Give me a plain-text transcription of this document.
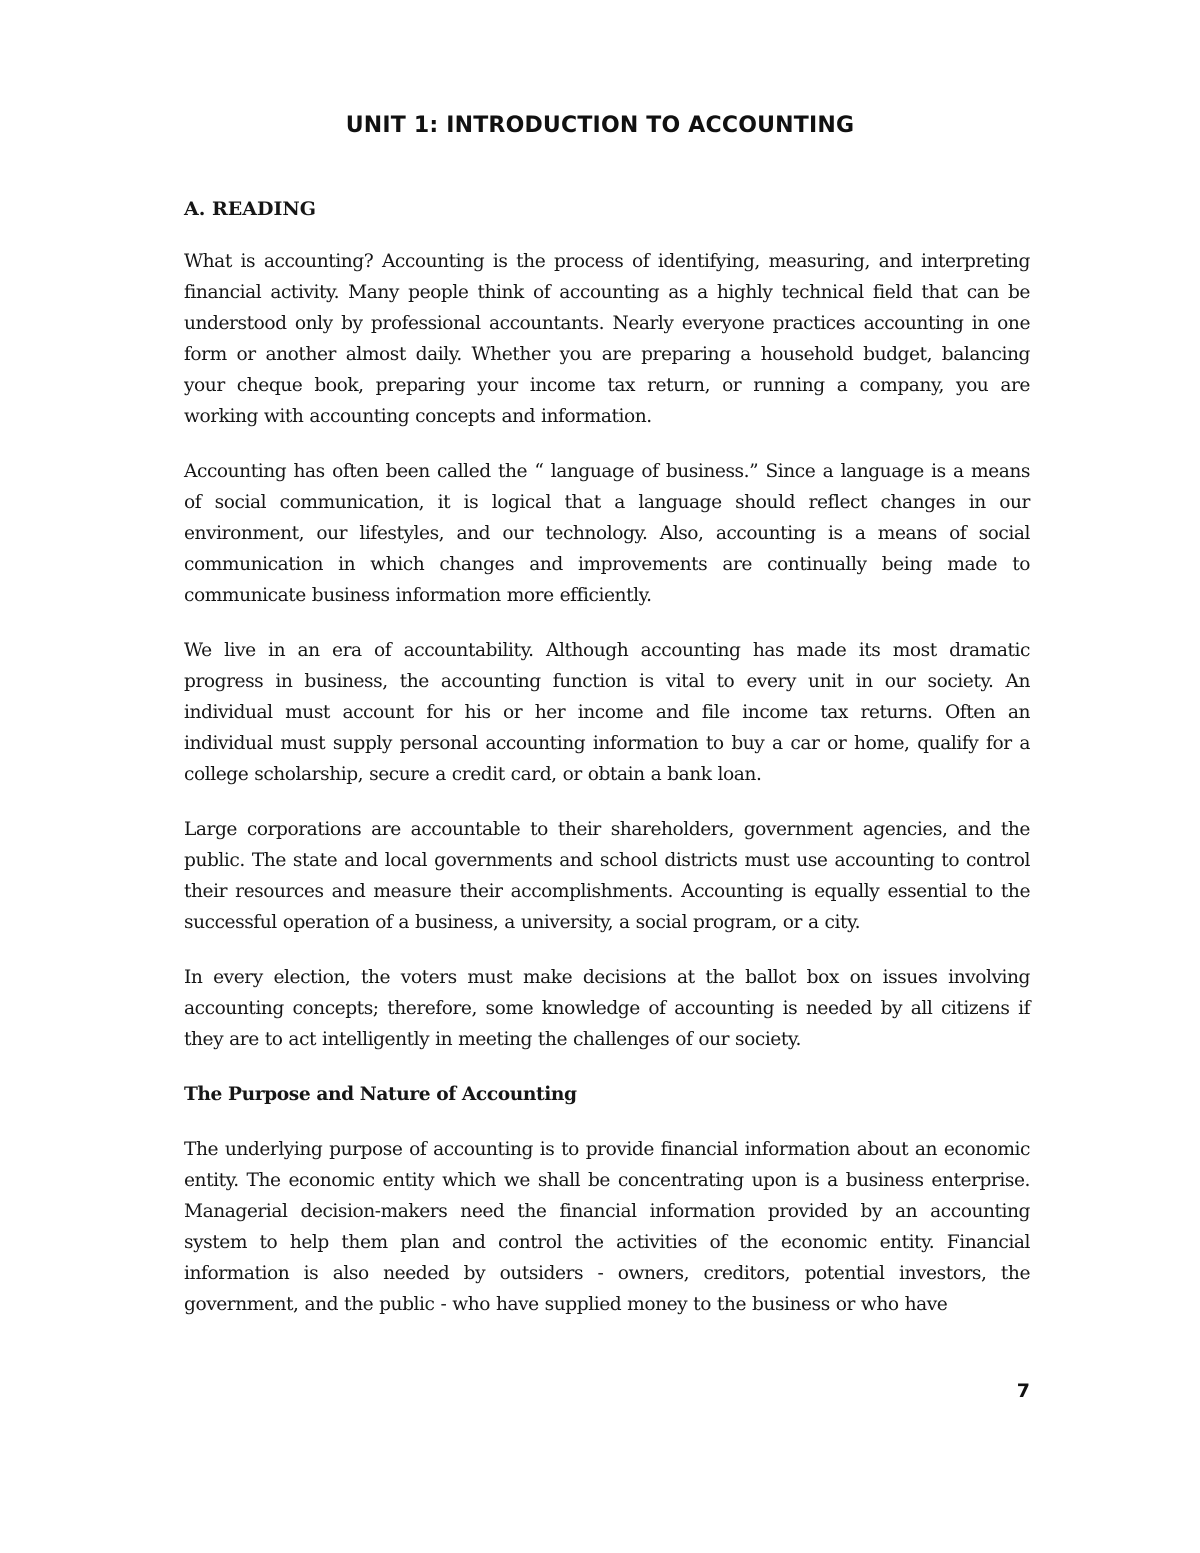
UNIT 1: INTRODUCTION TO ACCOUNTING
A. READING

What is accounting? Accounting is the process of identifying, measuring, and interpreting financial activity. Many people think of accounting as a highly technical field that can be understood only by professional accountants. Nearly everyone practices accounting in one form or another almost daily. Whether you are preparing a household budget, balancing your cheque book, preparing your income tax return, or running a company, you are working with accounting concepts and information.

Accounting has often been called the “ language of business.” Since a language is a means of social communication, it is logical that a language should reflect changes in our environment, our lifestyles, and our technology. Also, accounting is a means of social communication in which changes and improvements are continually being made to communicate business information more efficiently.

We live in an era of accountability. Although accounting has made its most dramatic progress in business, the accounting function is vital to every unit in our society. An individual must account for his or her income and file income tax returns. Often an individual must supply personal accounting information to buy a car or home, qualify for a college scholarship, secure a credit card, or obtain a bank loan.

Large corporations are accountable to their shareholders, government agencies, and the public. The state and local governments and school districts must use accounting to control their resources and measure their accomplishments. Accounting is equally essential to the successful operation of a business, a university, a social program, or a city.

In every election, the voters must make decisions at the ballot box on issues involving accounting concepts; therefore, some knowledge of accounting is needed by all citizens if they are to act intelligently in meeting the challenges of our society.

The Purpose and Nature of Accounting

The underlying purpose of accounting is to provide financial information about an economic entity. The economic entity which we shall be concentrating upon is a business enterprise. Managerial decision-makers need the financial information provided by an accounting system to help them plan and control the activities of the economic entity. Financial information is also needed by outsiders - owners, creditors, potential investors, the government, and the public - who have supplied money to the business or who have

7
